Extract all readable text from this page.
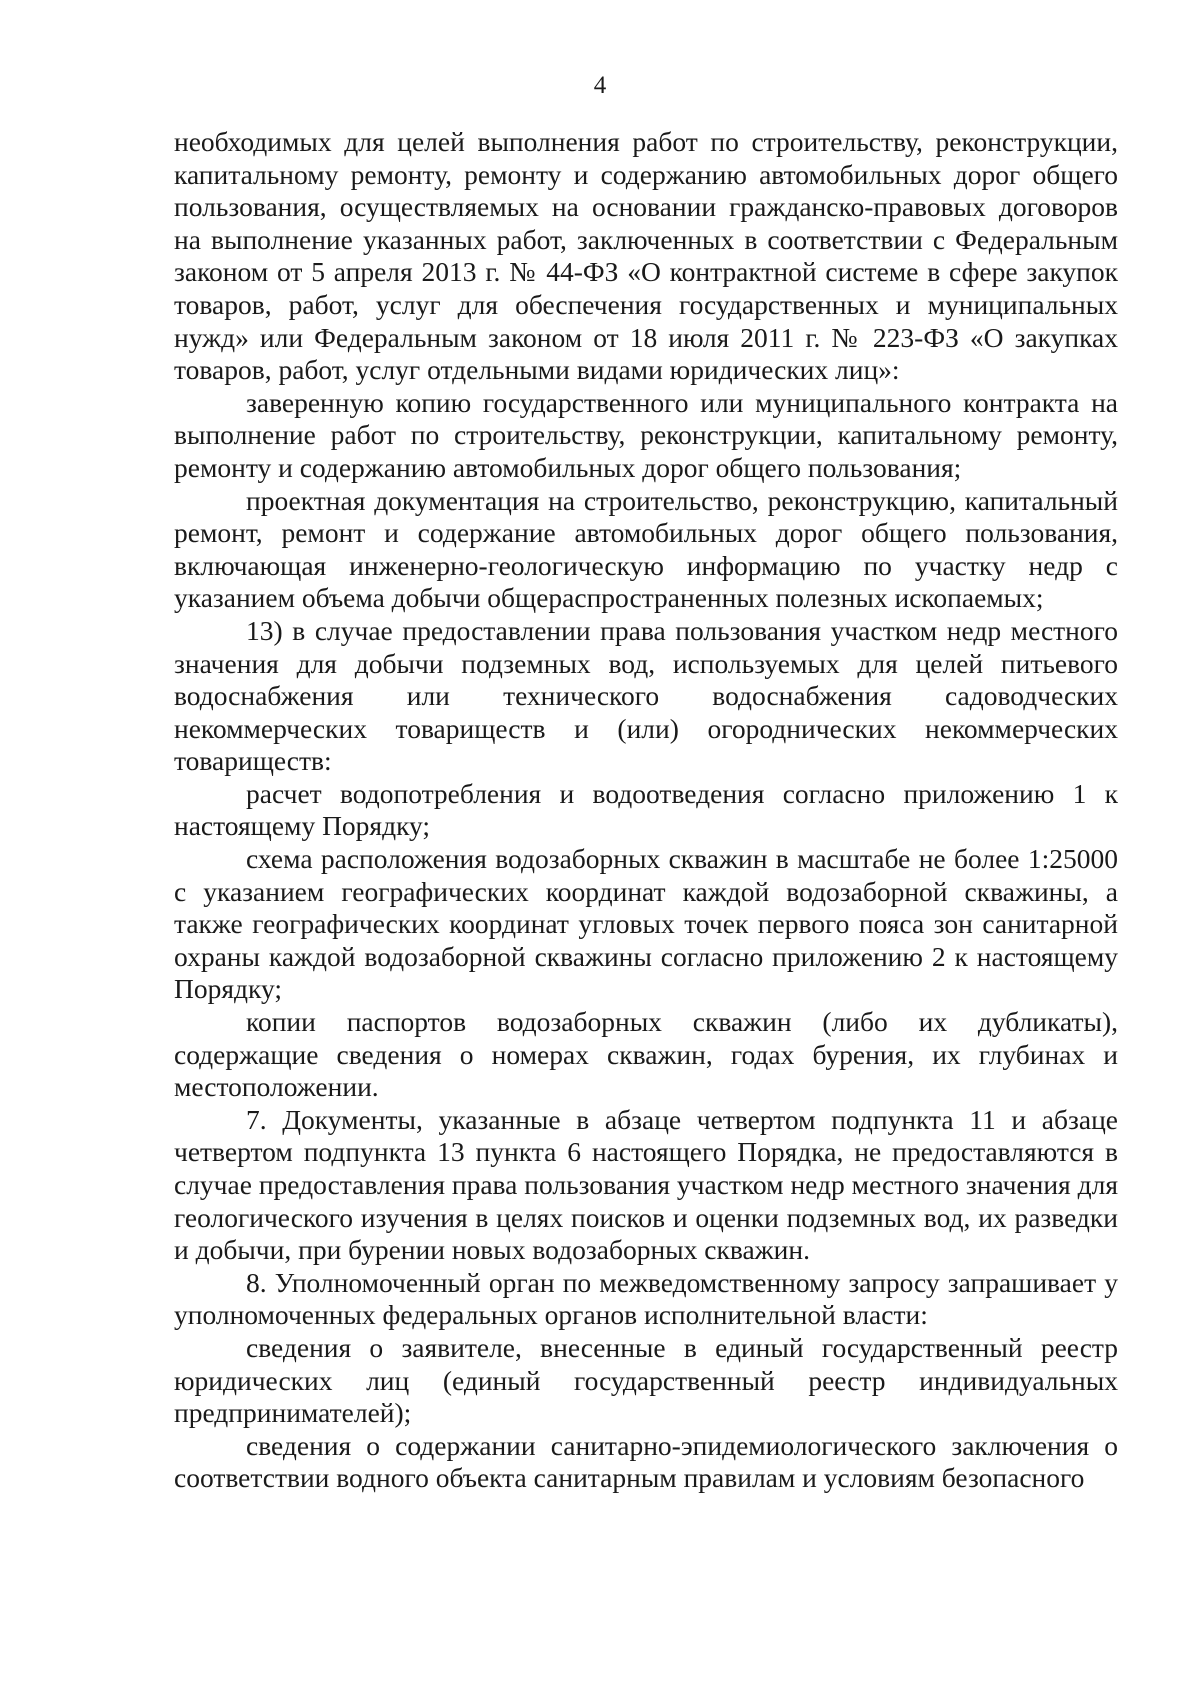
4

необходимых для целей выполнения работ по строительству, реконструкции, капитальному ремонту, ремонту и содержанию автомобильных дорог общего пользования, осуществляемых на основании гражданско-правовых договоров на выполнение указанных работ, заключенных в соответствии с Федеральным законом от 5 апреля 2013 г. № 44-ФЗ «О контрактной системе в сфере закупок товаров, работ, услуг для обеспечения государственных и муниципальных нужд» или Федеральным законом от 18 июля 2011 г. № 223-ФЗ «О закупках товаров, работ, услуг отдельными видами юридических лиц»:

заверенную копию государственного или муниципального контракта на выполнение работ по строительству, реконструкции, капитальному ремонту, ремонту и содержанию автомобильных дорог общего пользования;

проектная документация на строительство, реконструкцию, капитальный ремонт, ремонт и содержание автомобильных дорог общего пользования, включающая инженерно-геологическую информацию по участку недр с указанием объема добычи общераспространенных полезных ископаемых;

13) в случае предоставлении права пользования участком недр местного значения для добычи подземных вод, используемых для целей питьевого водоснабжения или технического водоснабжения садоводческих некоммерческих товариществ и (или) огороднических некоммерческих товариществ:

расчет водопотребления и водоотведения согласно приложению 1 к настоящему Порядку;

схема расположения водозаборных скважин в масштабе не более 1:25000 с указанием географических координат каждой водозаборной скважины, а также географических координат угловых точек первого пояса зон санитарной охраны каждой водозаборной скважины согласно приложению 2 к настоящему Порядку;

копии паспортов водозаборных скважин (либо их дубликаты), содержащие сведения о номерах скважин, годах бурения, их глубинах и местоположении.

7. Документы, указанные в абзаце четвертом подпункта 11 и абзаце четвертом подпункта 13 пункта 6 настоящего Порядка, не предоставляются в случае предоставления права пользования участком недр местного значения для геологического изучения в целях поисков и оценки подземных вод, их разведки и добычи, при бурении новых водозаборных скважин.

8. Уполномоченный орган по межведомственному запросу запрашивает у уполномоченных федеральных органов исполнительной власти:

сведения о заявителе, внесенные в единый государственный реестр юридических лиц (единый государственный реестр индивидуальных предпринимателей);

сведения о содержании санитарно-эпидемиологического заключения о соответствии водного объекта санитарным правилам и условиям безопасного
